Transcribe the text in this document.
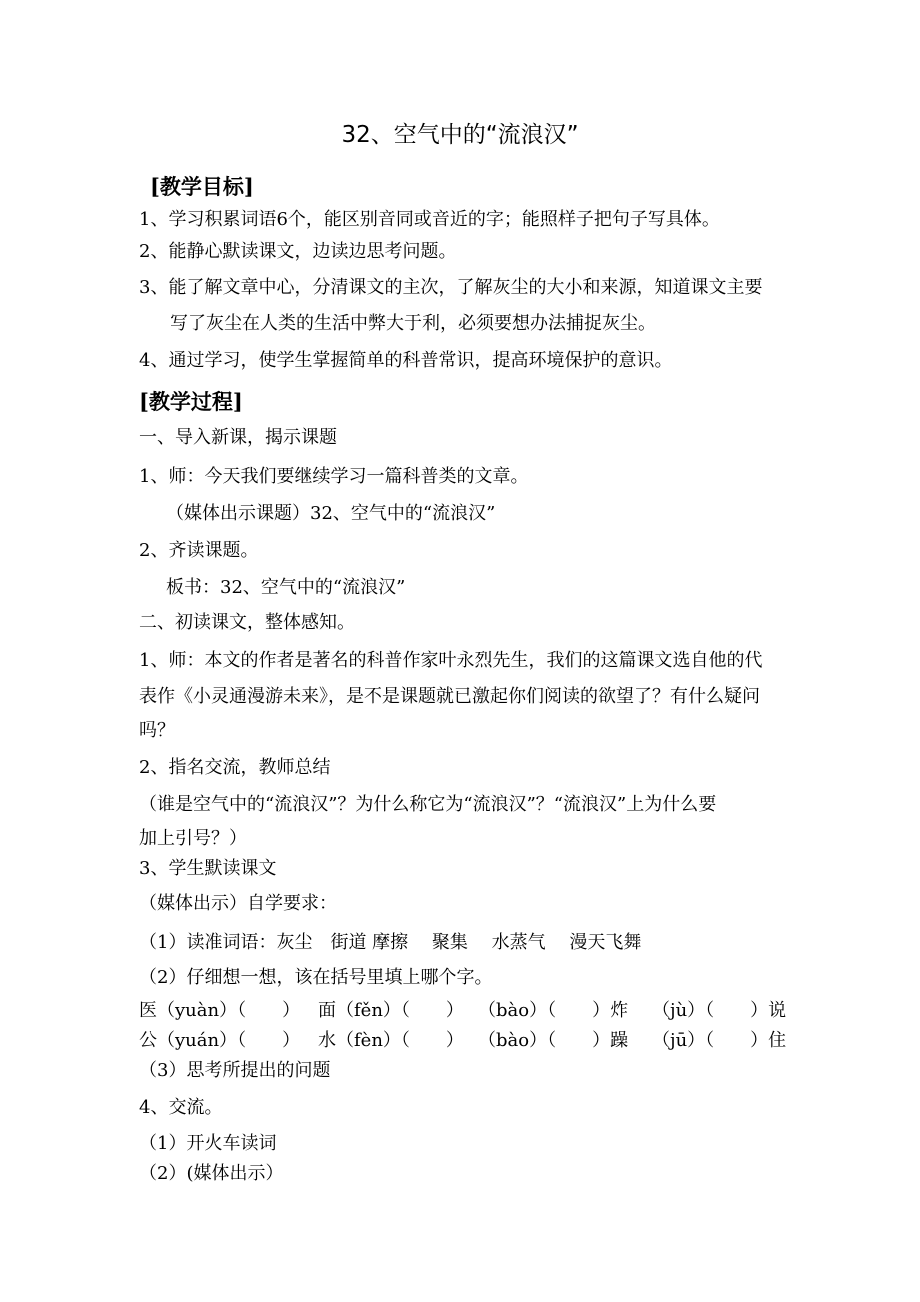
32、空气中的“流浪汉”
[教学目标]
1、学习积累词语6个，能区别音同或音近的字；能照样子把句子写具体。
2、能静心默读课文，边读边思考问题。
3、能了解文章中心，分清课文的主次，了解灰尘的大小和来源，知道课文主要
写了灰尘在人类的生活中弊大于利，必须要想办法捕捉灰尘。
4、通过学习，使学生掌握简单的科普常识，提高环境保护的意识。
[教学过程]
一、导入新课，揭示课题
1、师：今天我们要继续学习一篇科普类的文章。
（媒体出示课题）32、空气中的“流浪汉”
2、齐读课题。
板书：32、空气中的“流浪汉”
二、初读课文，整体感知。
1、师：本文的作者是著名的科普作家叶永烈先生，我们的这篇课文选自他的代
表作《小灵通漫游未来》，是不是课题就已激起你们阅读的欲望了？有什么疑问
吗？
2、指名交流，教师总结
（谁是空气中的“流浪汉”？为什么称它为“流浪汉”？“流浪汉”上为什么要
加上引号？）
3、学生默读课文
（媒体出示）自学要求：
（1）读准词语：灰尘　街道 摩擦　 聚集　 水蒸气　 漫天飞舞
（2）仔细想一想，该在括号里填上哪个字。
医（yuàn）（　　） 面（fěn）（　　） （bào）（　　）炸 （jù）（　　）说
公（yuán）（　　） 水（fèn）（　　） （bào）（　　）躁 （jū）（　　）住
（3）思考所提出的问题
4、交流。
（1）开火车读词
（2）(媒体出示）
